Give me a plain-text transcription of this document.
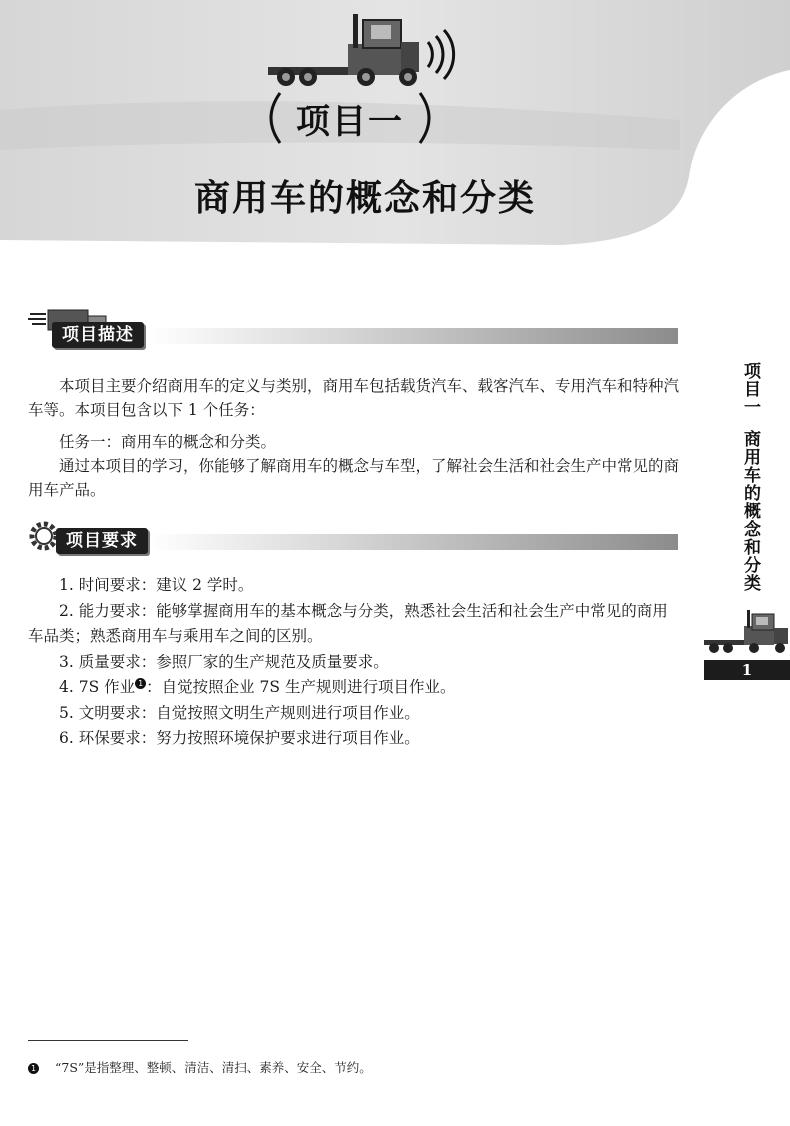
项目一
商用车的概念和分类
项目描述

本项目主要介绍商用车的定义与类别，商用车包括载货汽车、载客汽车、专用汽车和特种汽车等。本项目包含以下 1 个任务：

任务一：商用车的概念和分类。

通过本项目的学习，你能够了解商用车的概念与车型，了解社会生活和社会生产中常见的商用车产品。

项目要求
1. 时间要求：建议 2 学时。
2. 能力要求：能够掌握商用车的基本概念与分类，熟悉社会生活和社会生产中常见的商用车品类；熟悉商用车与乘用车之间的区别。
3. 质量要求：参照厂家的生产规范及质量要求。
4. 7S 作业 1 ：自觉按照企业 7S 生产规则进行项目作业。
5. 文明要求：自觉按照文明生产规则进行项目作业。
6. 环保要求：努力按照环境保护要求进行项目作业。
项目一商用车的概念和分类
1
1 “7S”是指整理、整顿、清洁、清扫、素养、安全、节约。
